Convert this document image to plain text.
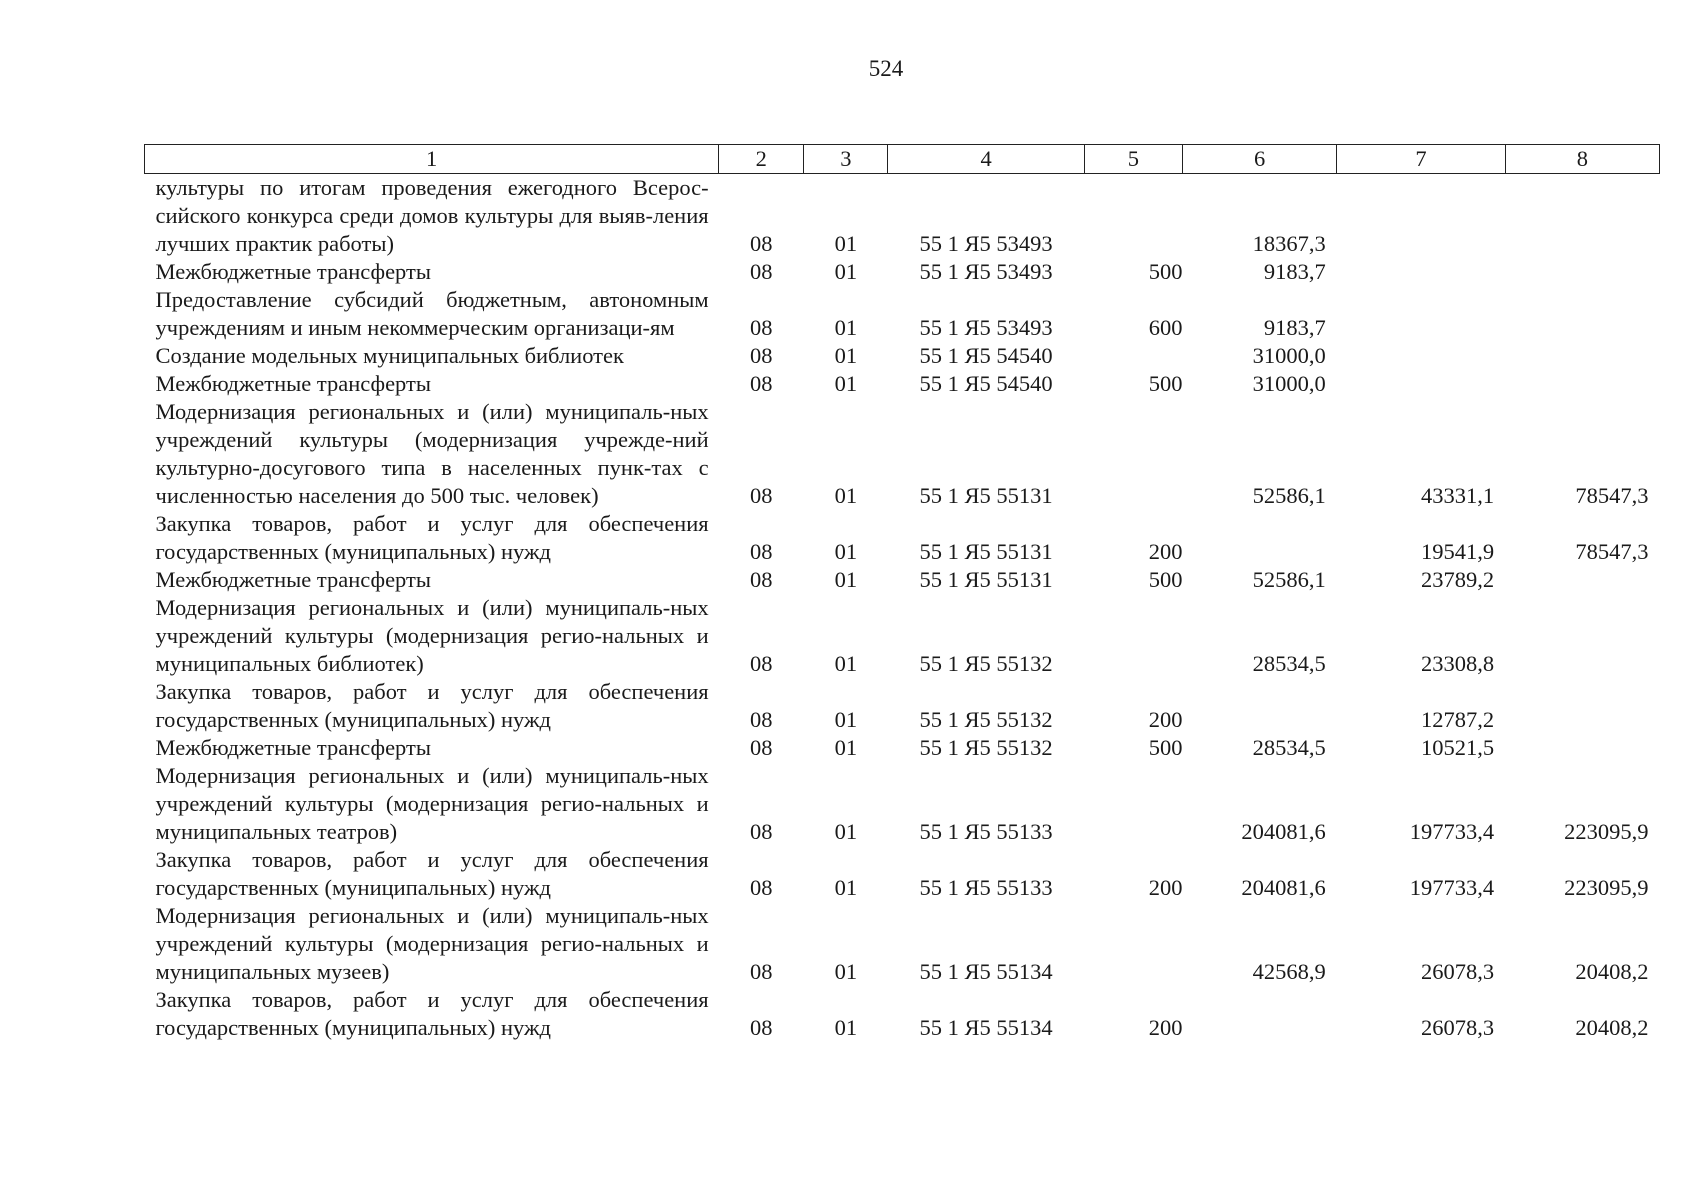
524
1	2	3	4	5	6	7	8
культуры по итогам проведения ежегодного Всерос-сийского конкурса среди домов культуры для выяв-ления лучших практик работы)	08	01	55 1 Я5 53493		18367,3		
Межбюджетные трансферты	08	01	55 1 Я5 53493	500	9183,7		
Предоставление субсидий бюджетным, автономным учреждениям и иным некоммерческим организаци-ям	08	01	55 1 Я5 53493	600	9183,7		
Создание модельных муниципальных библиотек	08	01	55 1 Я5 54540		31000,0		
Межбюджетные трансферты	08	01	55 1 Я5 54540	500	31000,0		
Модернизация региональных и (или) муниципаль-ных учреждений культуры (модернизация учрежде-ний культурно-досугового типа в населенных пунк-тах с численностью населения до 500 тыс. человек)	08	01	55 1 Я5 55131		52586,1	43331,1	78547,3
Закупка товаров, работ и услуг для обеспечения государственных (муниципальных) нужд	08	01	55 1 Я5 55131	200		19541,9	78547,3
Межбюджетные трансферты	08	01	55 1 Я5 55131	500	52586,1	23789,2	
Модернизация региональных и (или) муниципаль-ных учреждений культуры (модернизация регио-нальных и муниципальных библиотек)	08	01	55 1 Я5 55132		28534,5	23308,8	
Закупка товаров, работ и услуг для обеспечения государственных (муниципальных) нужд	08	01	55 1 Я5 55132	200		12787,2	
Межбюджетные трансферты	08	01	55 1 Я5 55132	500	28534,5	10521,5	
Модернизация региональных и (или) муниципаль-ных учреждений культуры (модернизация регио-нальных и муниципальных театров)	08	01	55 1 Я5 55133		204081,6	197733,4	223095,9
Закупка товаров, работ и услуг для обеспечения государственных (муниципальных) нужд	08	01	55 1 Я5 55133	200	204081,6	197733,4	223095,9
Модернизация региональных и (или) муниципаль-ных учреждений культуры (модернизация регио-нальных и муниципальных музеев)	08	01	55 1 Я5 55134		42568,9	26078,3	20408,2
Закупка товаров, работ и услуг для обеспечения государственных (муниципальных) нужд	08	01	55 1 Я5 55134	200		26078,3	20408,2
